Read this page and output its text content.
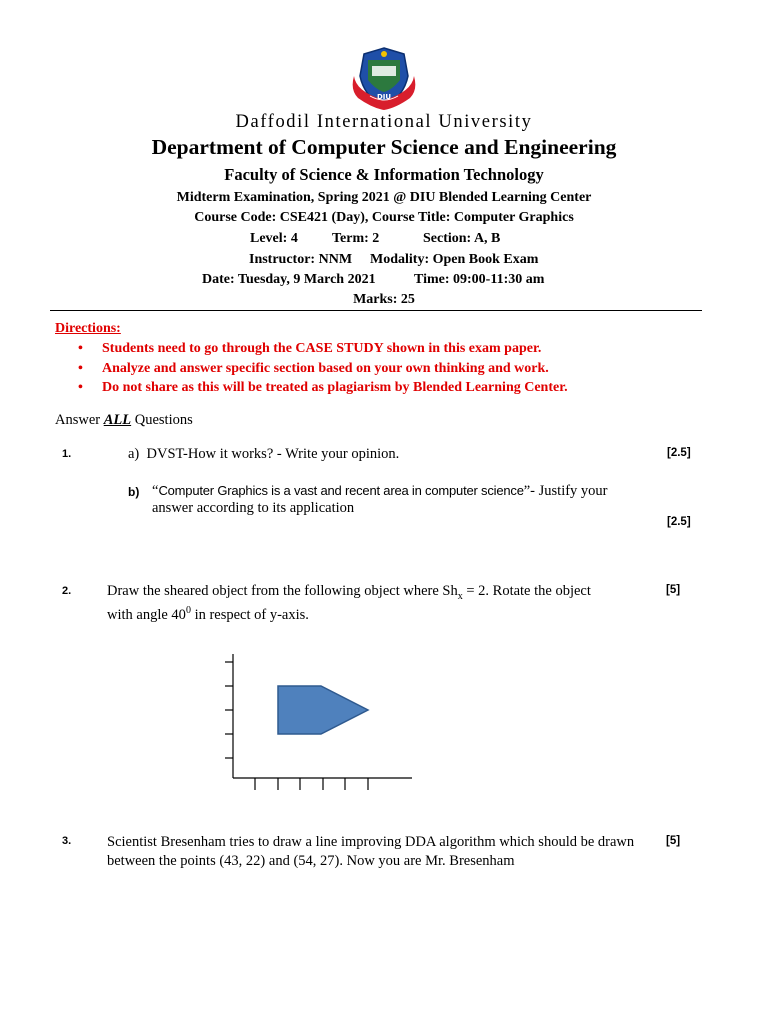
DIU
Daffodil International University
Department of Computer Science and Engineering
Faculty of Science & Information Technology
Midterm Examination, Spring 2021 @ DIU Blended Learning Center
Course Code: CSE421 (Day), Course Title: Computer Graphics
Level: 4 Term: 2	Section: A, B
Instructor: NNM Modality: Open Book Exam
Date: Tuesday, 9 March 2021	Time: 09:00-11:30 am
Marks: 25
Directions:
• Students need to go through the CASE STUDY shown in this exam paper.
• Analyze and answer specific section based on your own thinking and work.
• Do not share as this will be treated as plagiarism by Blended Learning Center.
Answer ALL Questions
1.	a) DVST-How it works? - Write your opinion.	[2.5]
b) “Computer Graphics is a vast and recent area in computer science”- Justify your
answer according to its application
[2.5]
2. Draw the sheared object from the following object where $Sh_x = 2$. Rotate the object
with angle $40^0$ in respect of y-axis.
[5]
3. Scientist Bresenham tries to draw a line improving DDA algorithm which should be drawn
between the points (43, 22) and (54, 27). Now you are Mr. Bresenham
[5]
